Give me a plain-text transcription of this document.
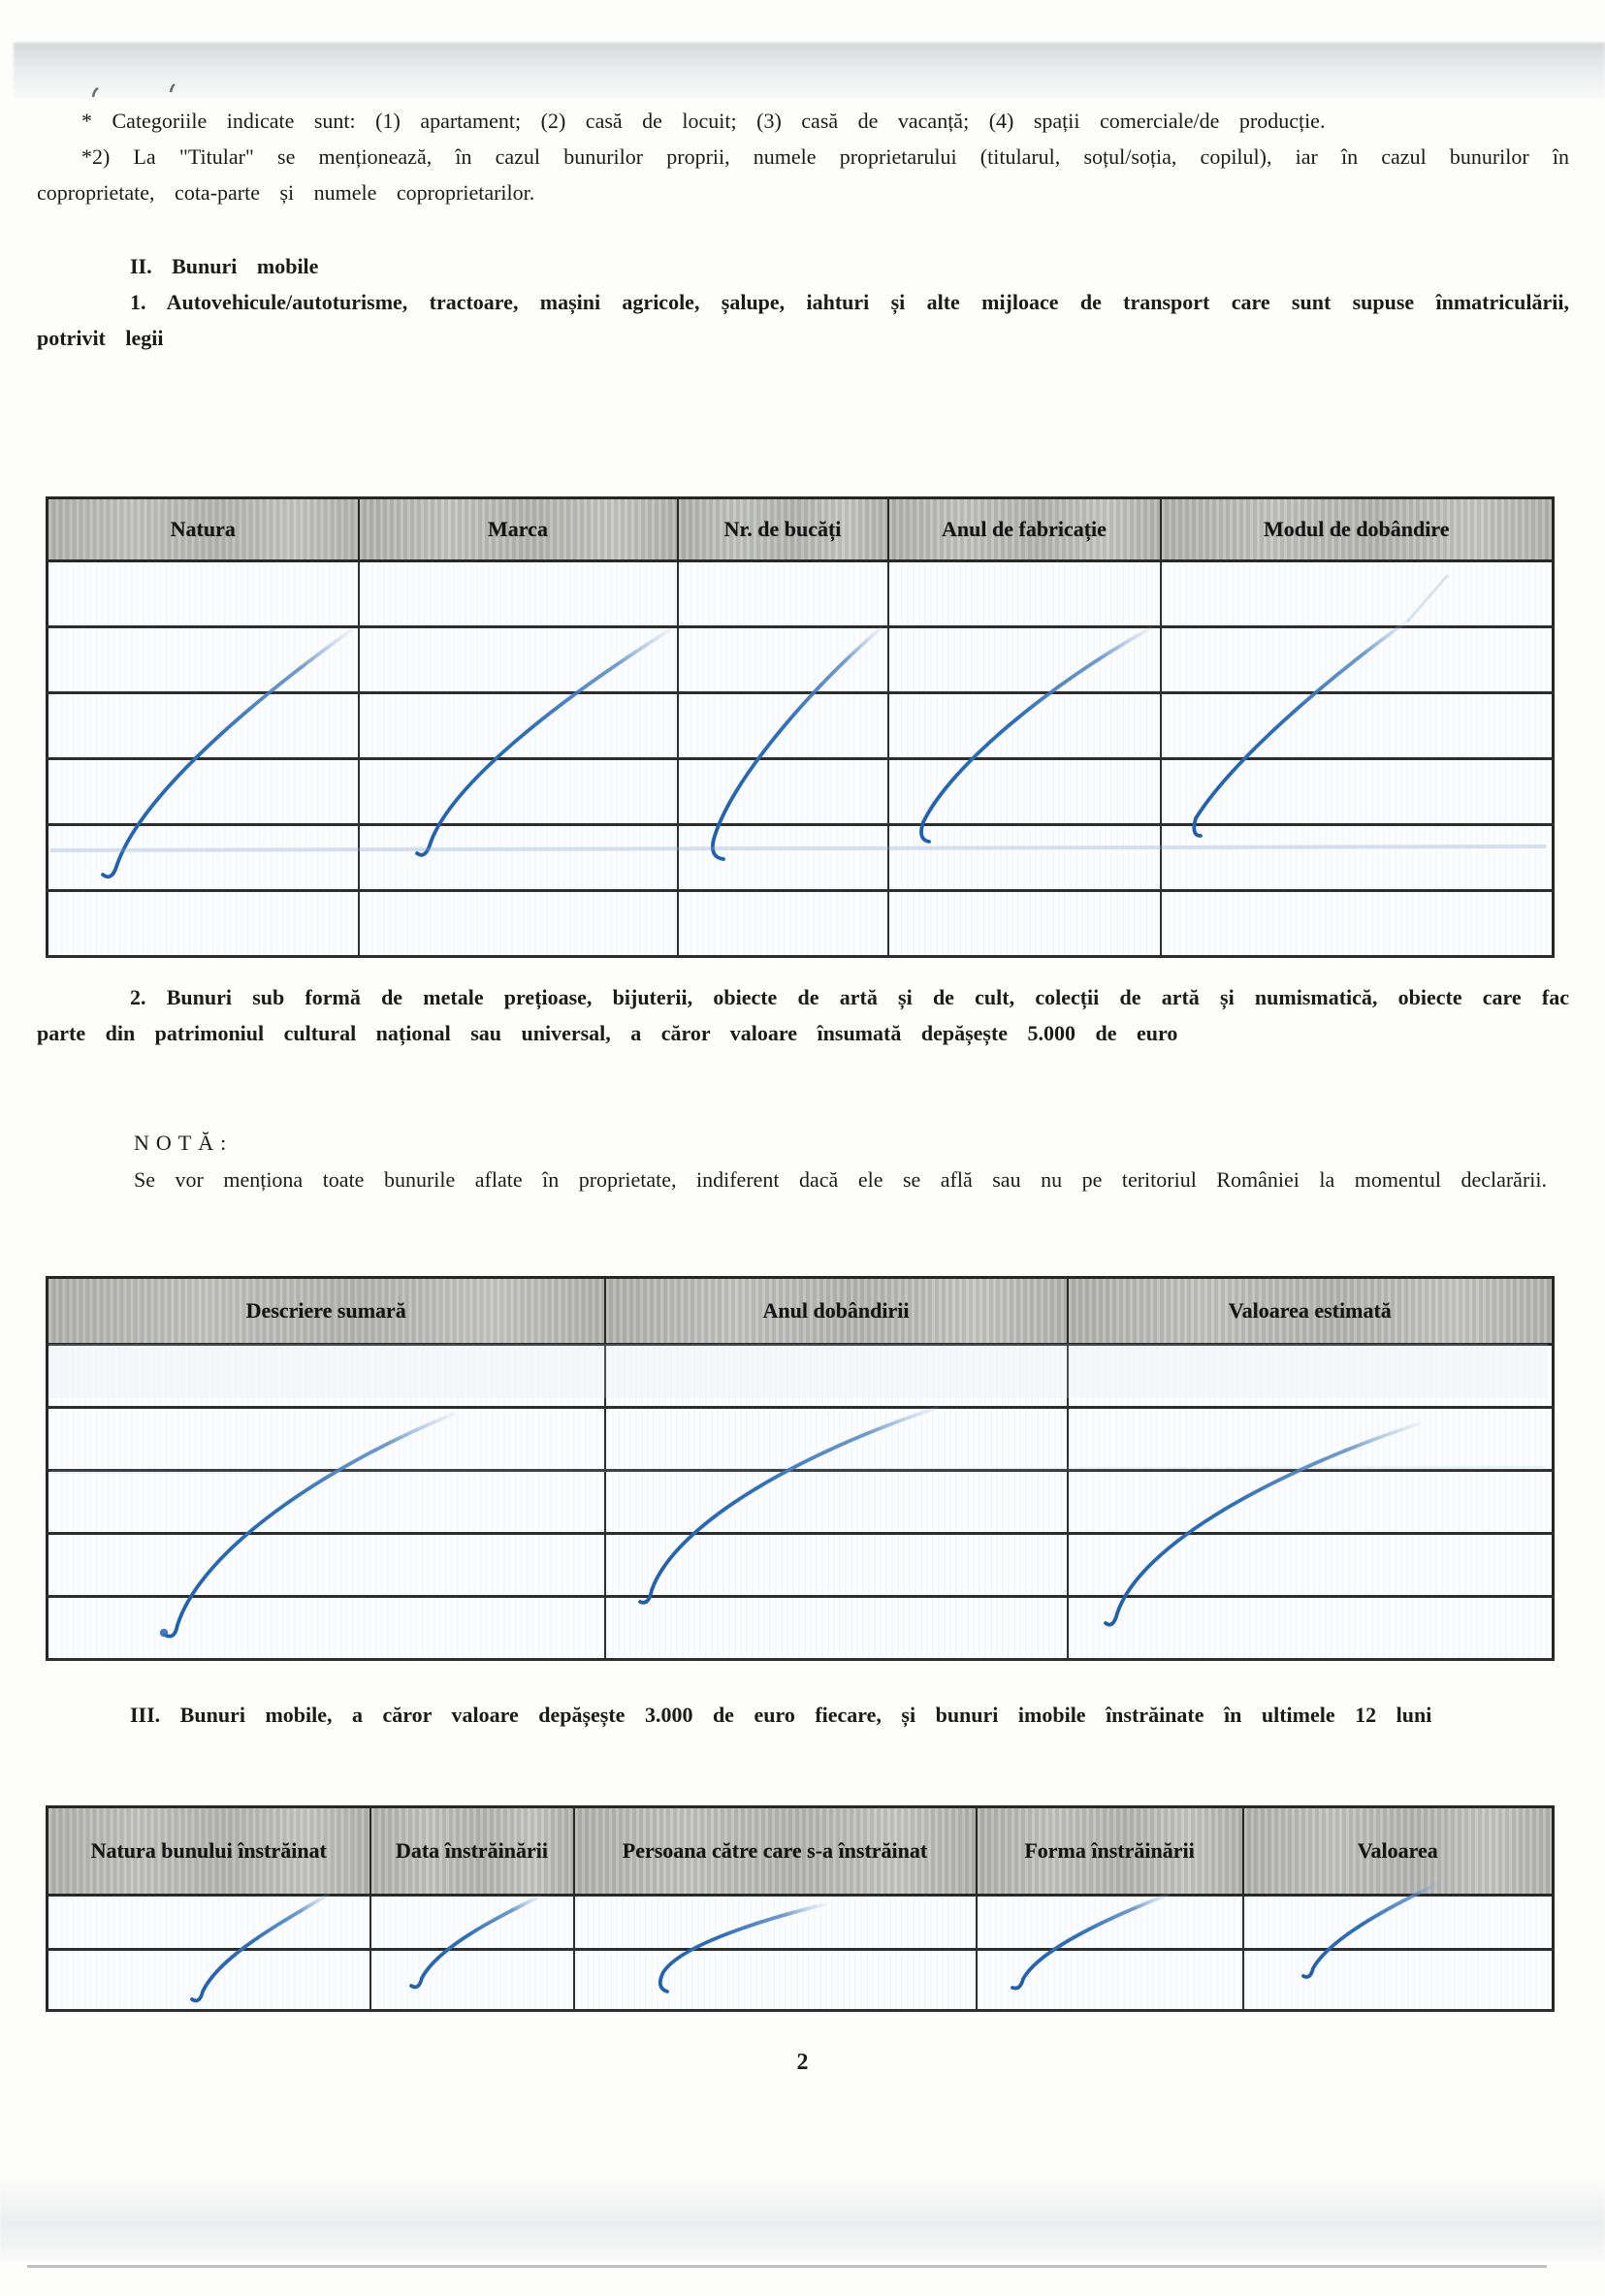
* Categoriile indicate sunt: (1) apartament; (2) casă de locuit; (3) casă de vacanță; (4) spații comerciale/de producție.

*2) La "Titular" se menționează, în cazul bunurilor proprii, numele proprietarului (titularul, soțul/soția, copilul), iar în cazul bunurilor în coproprietate, cota-parte și numele coproprietarilor.

II. Bunuri mobile
1. Autovehicule/autoturisme, tractoare, mașini agricole, șalupe, iahturi și alte mijloace de transport care sunt supuse înmatriculării, potrivit legii
Natura	Marca	Nr. de bucăți	Anul de fabricație	Modul de dobândire

2. Bunuri sub formă de metale prețioase, bijuterii, obiecte de artă și de cult, colecții de artă și numismatică, obiecte care fac parte din patrimoniul cultural național sau universal, a căror valoare însumată depășește 5.000 de euro

NOTĂ:

Se vor menționa toate bunurile aflate în proprietate, indiferent dacă ele se află sau nu pe teritoriul României la momentul declarării.

Descriere sumară	Anul dobândirii	Valoarea estimată

III. Bunuri mobile, a căror valoare depășește 3.000 de euro fiecare, și bunuri imobile înstrăinate în ultimele 12 luni
Natura bunului înstrăinat	Data înstrăinării	Persoana către care s-a înstrăinat	Forma înstrăinării	Valoarea

2
